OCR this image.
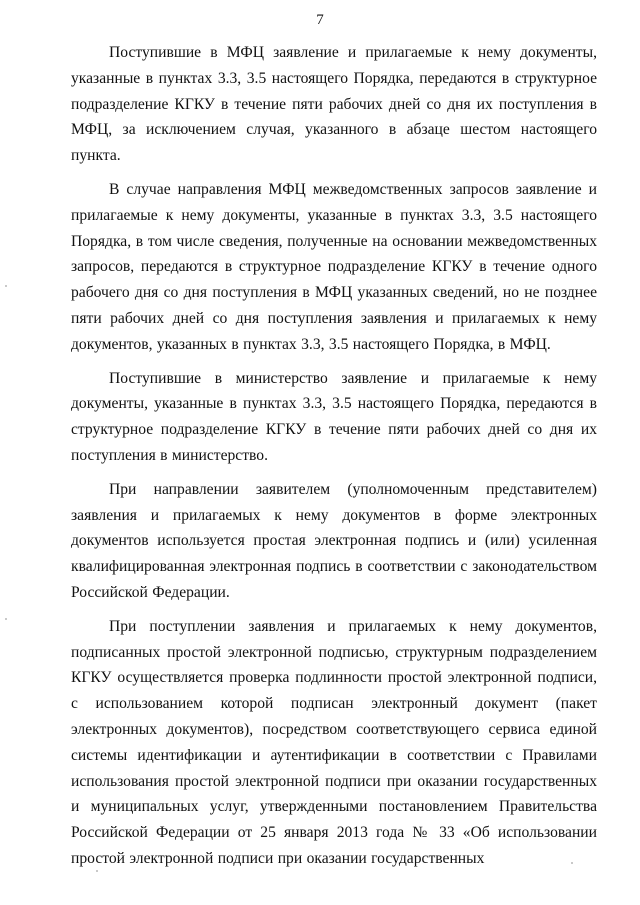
7

Поступившие в МФЦ заявление и прилагаемые к нему документы, указанные в пунктах 3.3, 3.5 настоящего Порядка, передаются в структурное подразделение КГКУ в течение пяти рабочих дней со дня их поступления в МФЦ, за исключением случая, указанного в абзаце шестом настоящего пункта.

В случае направления МФЦ межведомственных запросов заявление и прилагаемые к нему документы, указанные в пунктах 3.3, 3.5 настоящего Порядка, в том числе сведения, полученные на основании межведомственных запросов, передаются в структурное подразделение КГКУ в течение одного рабочего дня со дня поступления в МФЦ указанных сведений, но не позднее пяти рабочих дней со дня поступления заявления и прилагаемых к нему документов, указанных в пунктах 3.3, 3.5 настоящего Порядка, в МФЦ.

Поступившие в министерство заявление и прилагаемые к нему документы, указанные в пунктах 3.3, 3.5 настоящего Порядка, передаются в структурное подразделение КГКУ в течение пяти рабочих дней со дня их поступления в министерство.

При направлении заявителем (уполномоченным представителем) заявления и прилагаемых к нему документов в форме электронных документов используется простая электронная подпись и (или) усиленная квалифицированная электронная подпись в соответствии с законодательством Российской Федерации.

При поступлении заявления и прилагаемых к нему документов, подписанных простой электронной подписью, структурным подразделением КГКУ осуществляется проверка подлинности простой электронной подписи, с использованием которой подписан электронный документ (пакет электронных документов), посредством соответствующего сервиса единой системы идентификации и аутентификации в соответствии с Правилами использования простой электронной подписи при оказании государственных и муниципальных услуг, утвержденными постановлением Правительства Российской Федерации от 25 января 2013 года № 33 «Об использовании простой электронной подписи при оказании государственных
